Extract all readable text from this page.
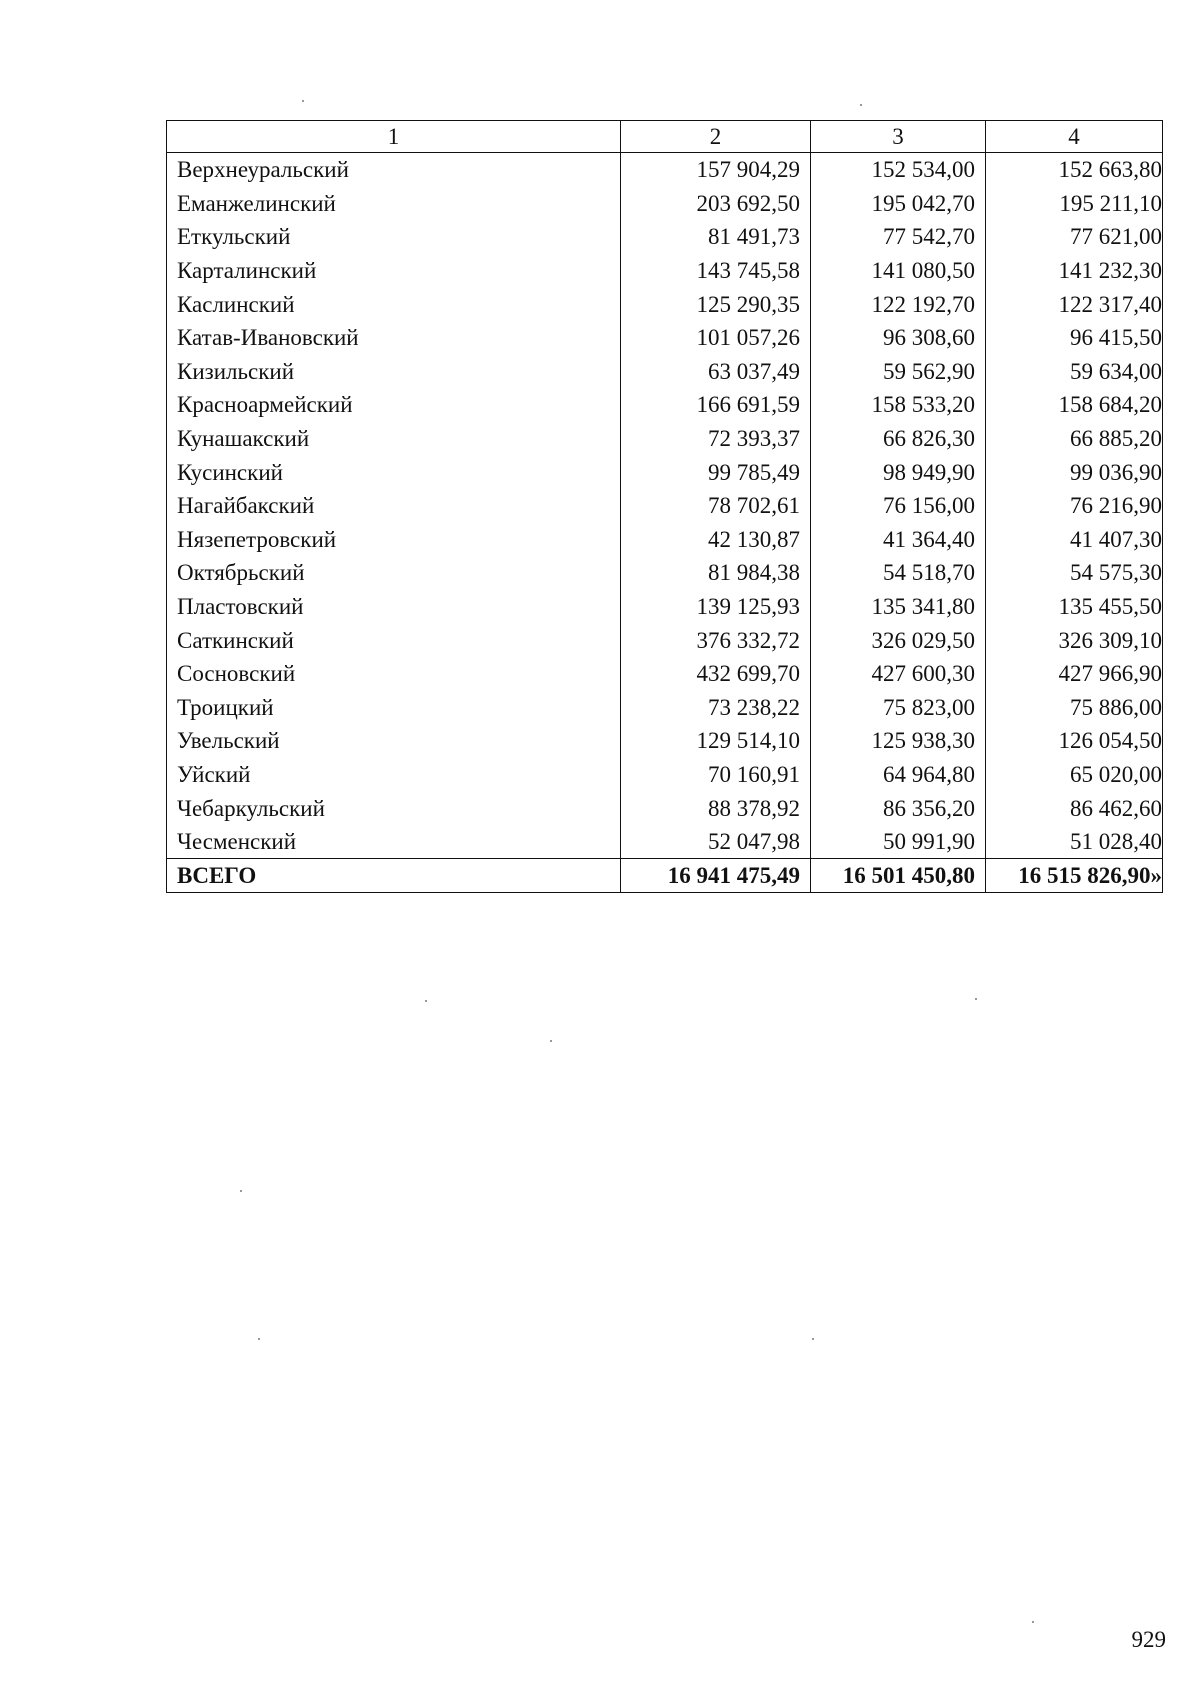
1	2	3	4
Верхнеуральский	157 904,29	152 534,00	152 663,80
Еманжелинский	203 692,50	195 042,70	195 211,10
Еткульский	81 491,73	77 542,70	77 621,00
Карталинский	143 745,58	141 080,50	141 232,30
Каслинский	125 290,35	122 192,70	122 317,40
Катав-Ивановский	101 057,26	96 308,60	96 415,50
Кизильский	63 037,49	59 562,90	59 634,00
Красноармейский	166 691,59	158 533,20	158 684,20
Кунашакский	72 393,37	66 826,30	66 885,20
Кусинский	99 785,49	98 949,90	99 036,90
Нагайбакский	78 702,61	76 156,00	76 216,90
Нязепетровский	42 130,87	41 364,40	41 407,30
Октябрьский	81 984,38	54 518,70	54 575,30
Пластовский	139 125,93	135 341,80	135 455,50
Саткинский	376 332,72	326 029,50	326 309,10
Сосновский	432 699,70	427 600,30	427 966,90
Троицкий	73 238,22	75 823,00	75 886,00
Увельский	129 514,10	125 938,30	126 054,50
Уйский	70 160,91	64 964,80	65 020,00
Чебаркульский	88 378,92	86 356,20	86 462,60
Чесменский	52 047,98	50 991,90	51 028,40
ВСЕГО	16 941 475,49	16 501 450,80	16 515 826,90»
929
